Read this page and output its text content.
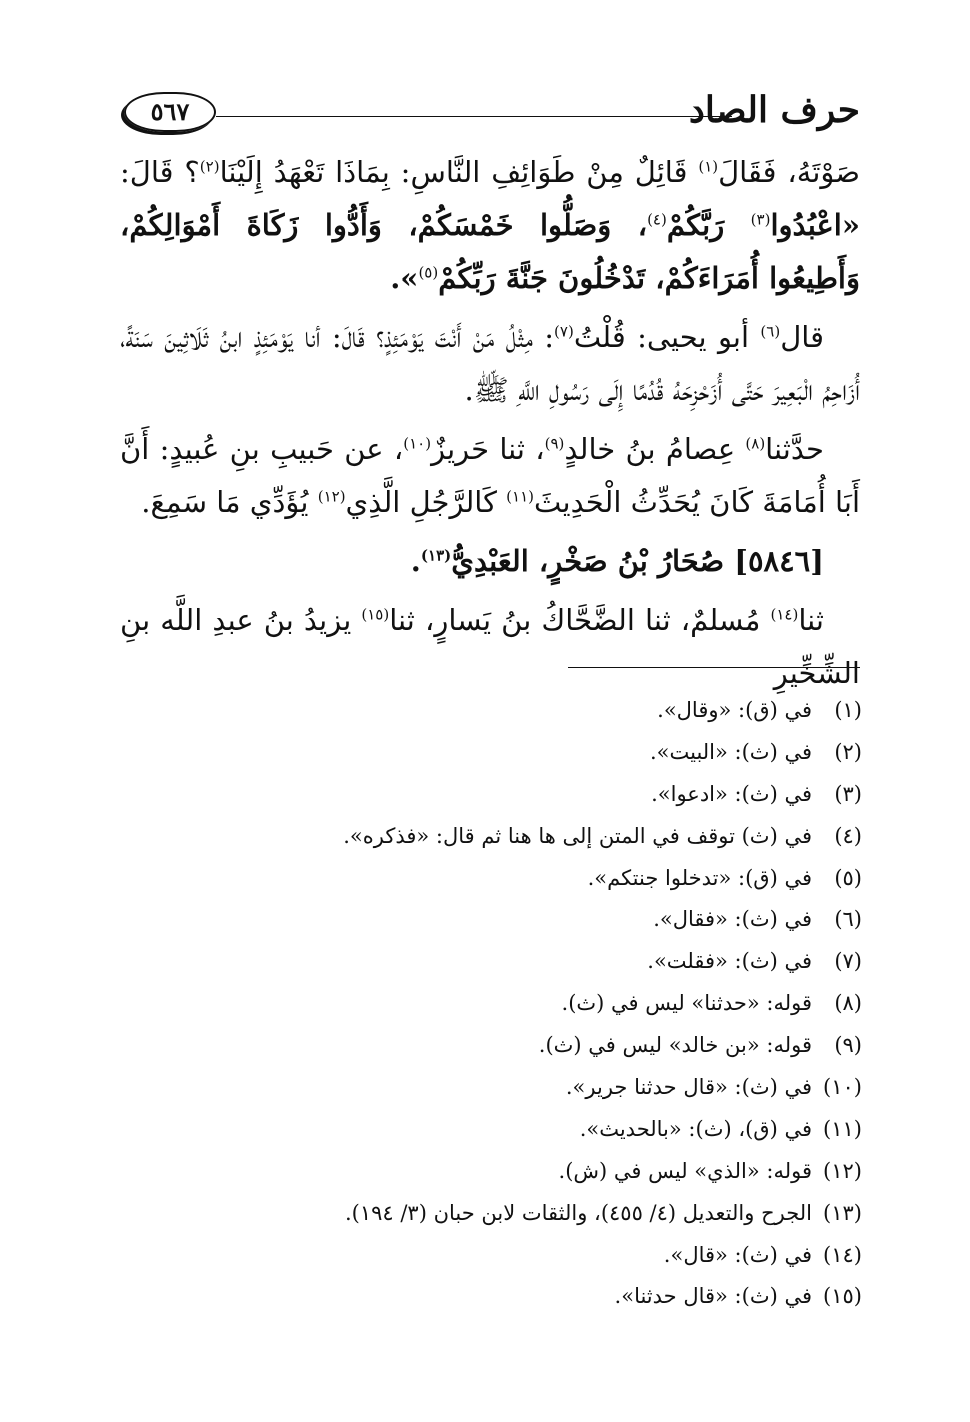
حرف الصاد
٥٦٧

صَوْتَهُ، فَقَالَ$^{(١)}$ قَائِلٌ مِنْ طَوَائِفِ النَّاسِ: بِمَاذَا تَعْهَدُ إِلَيْنَا$^{(٢)}$؟ قَالَ: «اعْبُدُوا$^{(٣)}$ رَبَّكُمْ$^{(٤)}$، وَصَلُّوا خَمْسَكُمْ، وَأَدُّوا زَكَاةَ أَمْوَالِكُمْ، وَأَطِيعُوا أُمَرَاءَكُمْ، تَدْخُلُونَ جَنَّةَ رَبِّكُمْ$^{(٥)}$».

قال$^{(٦)}$ أبو يحيى: قُلْتُ$^{(٧)}$: مِثْلُ مَنْ أَنْتَ يَوْمَئِذٍ؟ قَالَ: أنا يَوْمَئِذٍ ابنُ ثَلَاثِينَ سَنَةً، أُزَاحِمُ الْبَعِيرَ حَتَّى أُزَحْزِحَهُ قُدُمًا إِلَى رَسُولِ اللَّهِ ﷺ.

حدَّثنا$^{(٨)}$ عِصامُ بنُ خالدٍ$^{(٩)}$، ثنا حَريزٌ$^{(١٠)}$، عن حَبيبِ بنِ عُبيدٍ: أَنَّ أَبَا أُمَامَةَ كَانَ يُحَدِّثُ الْحَدِيثَ$^{(١١)}$ كَالرَّجُلِ الَّذِي$^{(١٢)}$ يُؤَدِّي مَا سَمِعَ.

[٥٨٤٦] صُحَارُ بْنُ صَخْرٍ، العَبْدِيُّ$^{(١٣)}$.

ثنا$^{(١٤)}$ مُسلمٌ، ثنا الضَّحَّاكُ بنُ يَسارٍ، ثنا$^{(١٥)}$ يزيدُ بنُ عبدِ اللَّه بنِ الشِّخِّيرِ

(١)في (ق): «وقال».
(٢)في (ث): «البيت».
(٣)في (ث): «ادعوا».
(٤)في (ث) توقف في المتن إلى ها هنا ثم قال: «فذكره».
(٥)في (ق): «تدخلوا جنتكم».
(٦)في (ث): «فقال».
(٧)في (ث): «فقلت».
(٨)قوله: «حدثنا» ليس في (ث).
(٩)قوله: «بن خالد» ليس في (ث).
(١٠)في (ث): «قال حدثنا جرير».
(١١)في (ق)، (ث): «بالحديث».
(١٢)قوله: «الذي» ليس في (ش).
(١٣)الجرح والتعديل (٤/ ٤٥٥)، والثقات لابن حبان (٣/ ١٩٤).
(١٤)في (ث): «قال».
(١٥)في (ث): «قال حدثنا».
